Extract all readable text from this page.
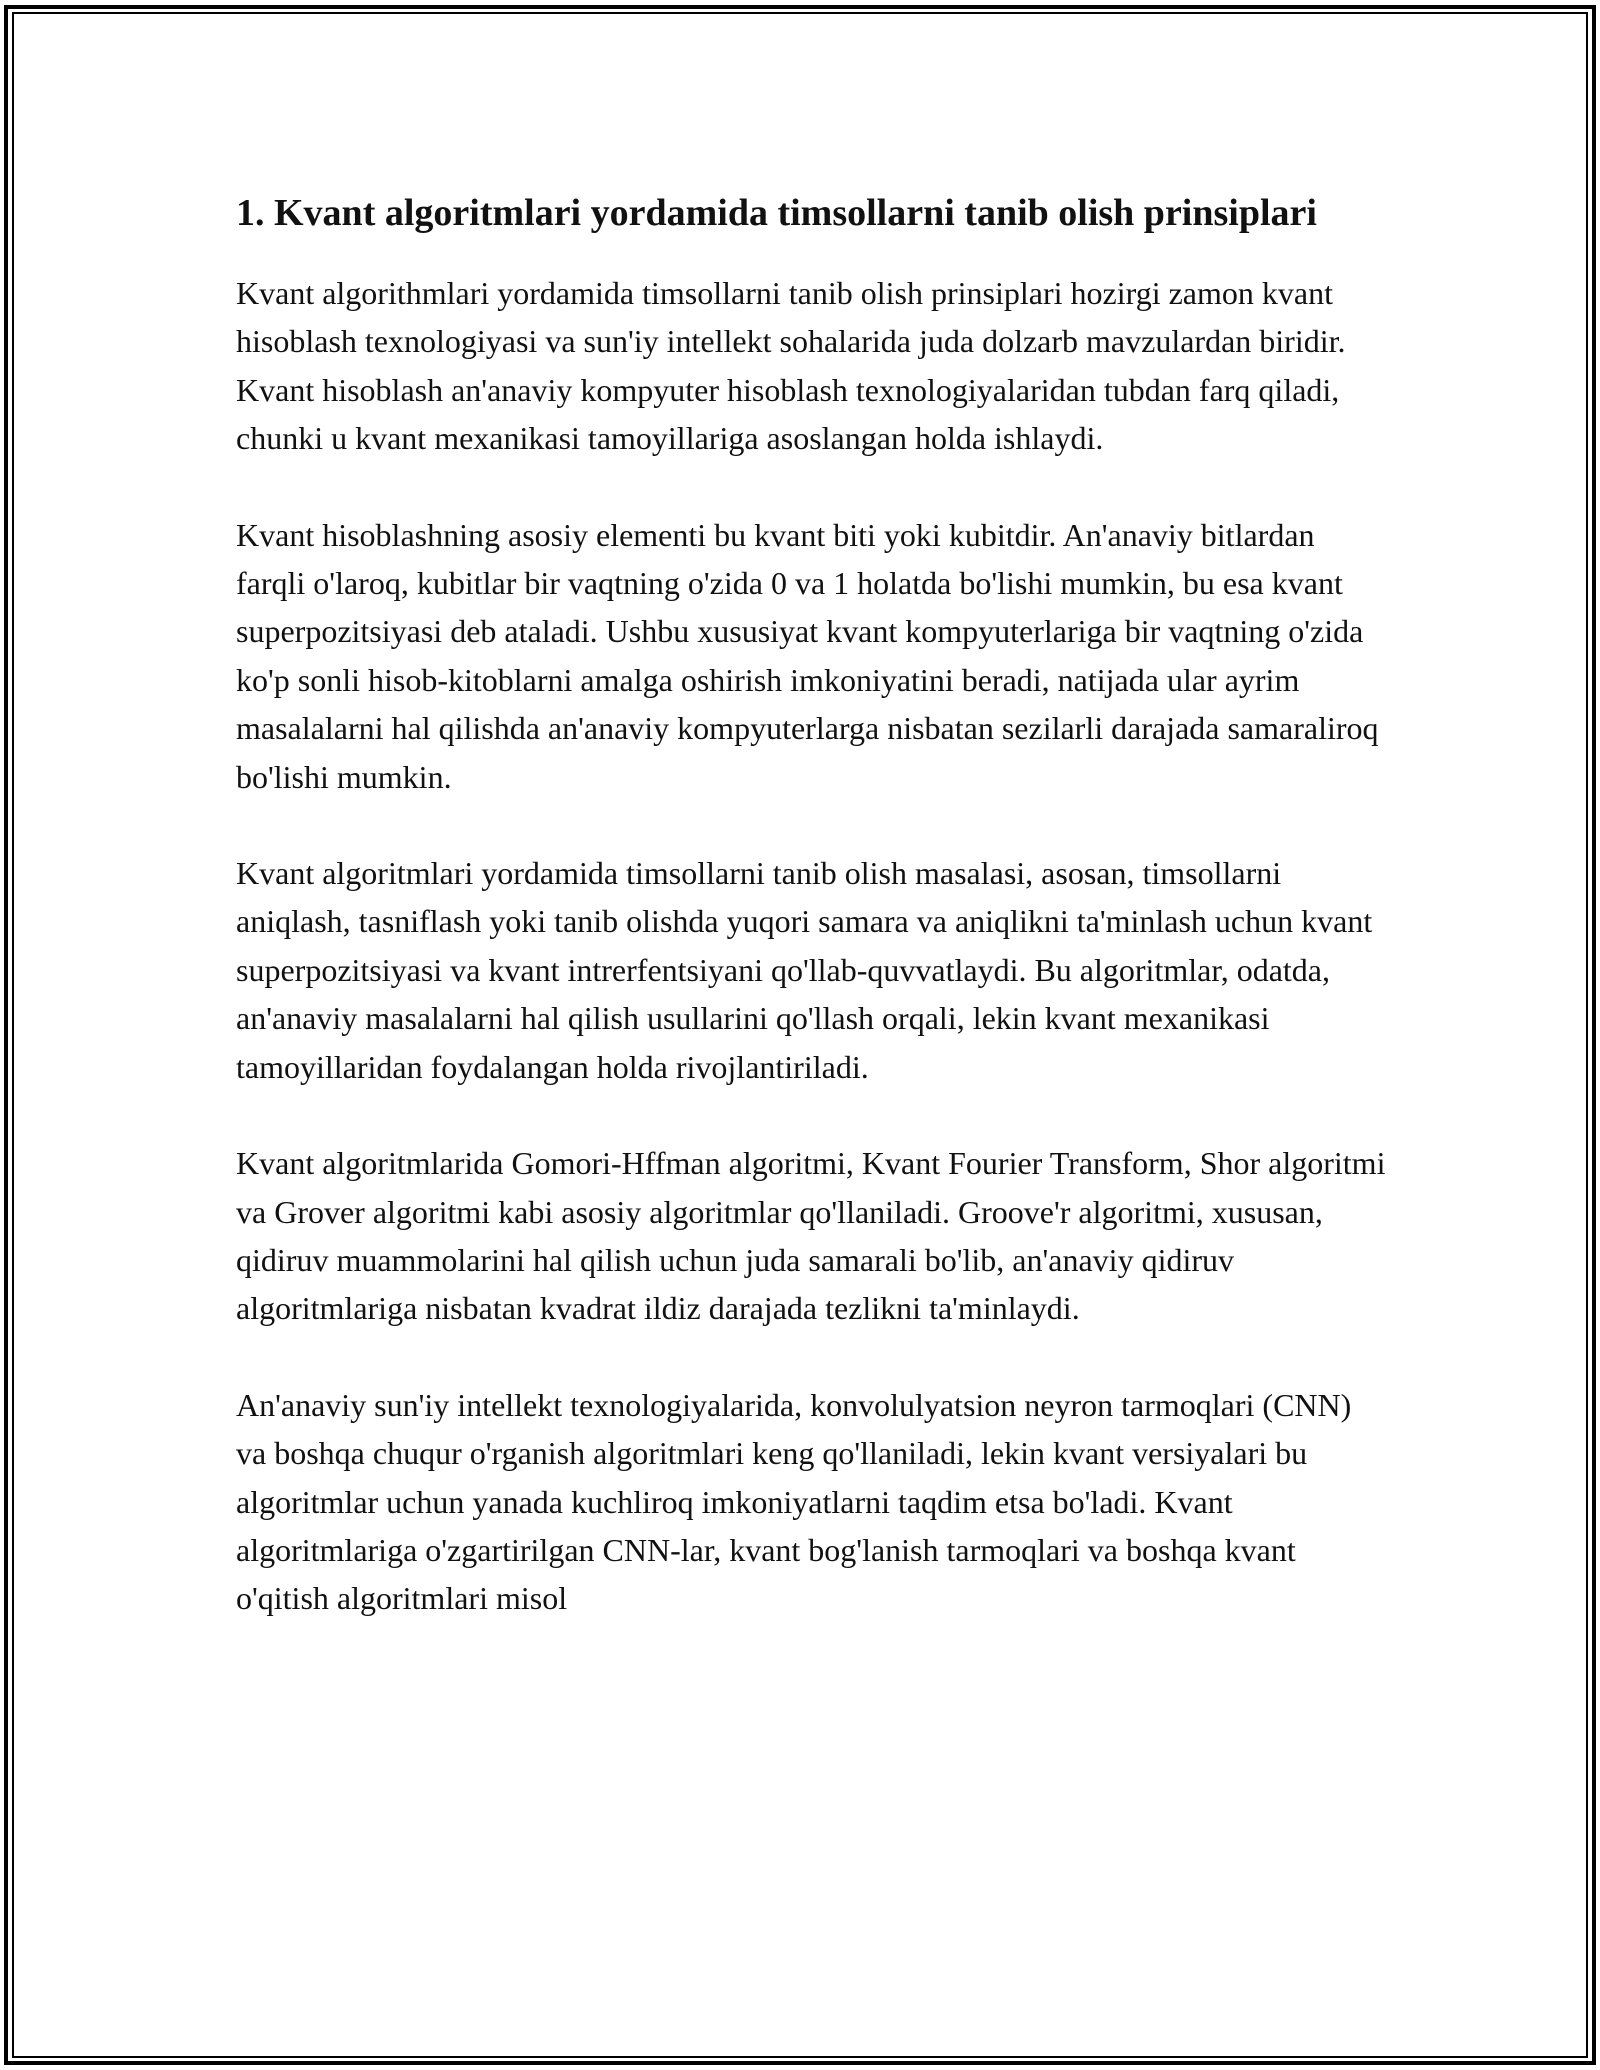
1. Kvant algoritmlari yordamida timsollarni tanib olish prinsiplari

Kvant algorithmlari yordamida timsollarni tanib olish prinsiplari hozirgi zamon kvant hisoblash texnologiyasi va sun'iy intellekt sohalarida juda dolzarb mavzulardan biridir. Kvant hisoblash an'anaviy kompyuter hisoblash texnologiyalaridan tubdan farq qiladi, chunki u kvant mexanikasi tamoyillariga asoslangan holda ishlaydi.

Kvant hisoblashning asosiy elementi bu kvant biti yoki kubitdir. An'anaviy bitlardan farqli o'laroq, kubitlar bir vaqtning o'zida 0 va 1 holatda bo'lishi mumkin, bu esa kvant superpozitsiyasi deb ataladi. Ushbu xususiyat kvant kompyuterlariga bir vaqtning o'zida ko'p sonli hisob-kitoblarni amalga oshirish imkoniyatini beradi, natijada ular ayrim masalalarni hal qilishda an'anaviy kompyuterlarga nisbatan sezilarli darajada samaraliroq bo'lishi mumkin.

Kvant algoritmlari yordamida timsollarni tanib olish masalasi, asosan, timsollarni aniqlash, tasniflash yoki tanib olishda yuqori samara va aniqlikni ta'minlash uchun kvant superpozitsiyasi va kvant intrerfentsiyani qo'llab-quvvatlaydi. Bu algoritmlar, odatda, an'anaviy masalalarni hal qilish usullarini qo'llash orqali, lekin kvant mexanikasi tamoyillaridan foydalangan holda rivojlantiriladi.

Kvant algoritmlarida Gomori-Hffman algoritmi, Kvant Fourier Transform, Shor algoritmi va Grover algoritmi kabi asosiy algoritmlar qo'llaniladi. Groove'r algoritmi, xususan, qidiruv muammolarini hal qilish uchun juda samarali bo'lib, an'anaviy qidiruv algoritmlariga nisbatan kvadrat ildiz darajada tezlikni ta'minlaydi.

An'anaviy sun'iy intellekt texnologiyalarida, konvolulyatsion neyron tarmoqlari (CNN) va boshqa chuqur o'rganish algoritmlari keng qo'llaniladi, lekin kvant versiyalari bu algoritmlar uchun yanada kuchliroq imkoniyatlarni taqdim etsa bo'ladi. Kvant algoritmlariga o'zgartirilgan CNN-lar, kvant bog'lanish tarmoqlari va boshqa kvant o'qitish algoritmlari misol
